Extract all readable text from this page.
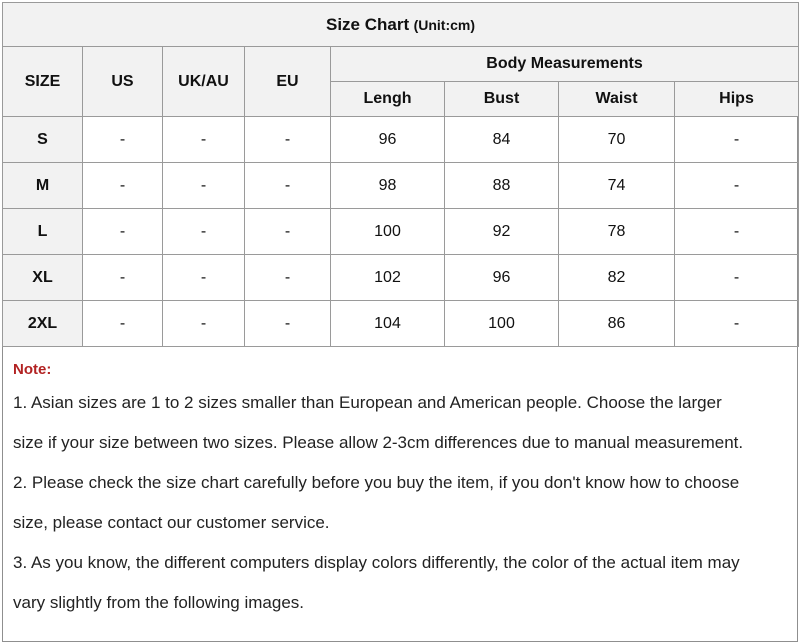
Size Chart (Unit:cm)							
SIZE	US	UK/AU	EU	Body Measurements			
				Lengh	Bust	Waist	Hips
S	-	-	-	96	84	70	-
M	-	-	-	98	88	74	-
L	-	-	-	100	92	78	-
XL	-	-	-	102	96	82	-
2XL	-	-	-	104	100	86	-
Note:
1. Asian sizes are 1 to 2 sizes smaller than European and American people. Choose the larger
size if your size between two sizes. Please allow 2-3cm differences due to manual measurement.
2. Please check the size chart carefully before you buy the item, if you don't know how to choose
size, please contact our customer service.
3. As you know, the different computers display colors differently, the color of the actual item may
vary slightly from the following images.
